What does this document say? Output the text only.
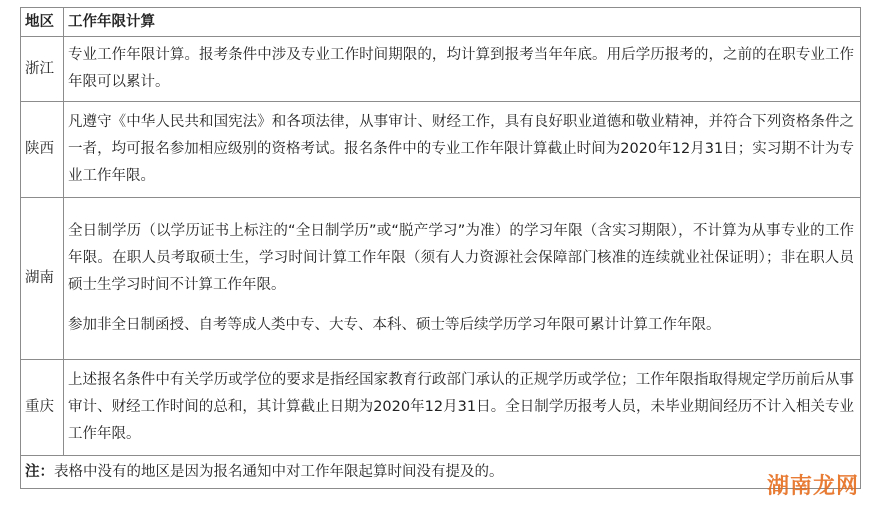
地区	工作年限计算
浙江	专业工作年限计算。报考条件中涉及专业工作时间期限的，均计算到报考当年年底。用后学历报考的，之前的在职专业工作年限可以累计。

陕西	凡遵守《中华人民共和国宪法》和各项法律，从事审计、财经工作，具有良好职业道德和敬业精神，并符合下列资格条件之一者，均可报名参加相应级别的资格考试。报名条件中的专业工作年限计算截止时间为2020年12月31日；实习期不计为专业工作年限。

湖南	全日制学历（以学历证书上标注的“全日制学历”或“脱产学习”为准）的学习年限（含实习期限），不计算为从事专业的工作年限。在职人员考取硕士生，学习时间计算工作年限（须有人力资源社会保障部门核准的连续就业社保证明）；非在职人员硕士生学习时间不计算工作年限。

参加非全日制函授、自考等成人类中专、大专、本科、硕士等后续学历学习年限可累计计算工作年限。

重庆	上述报名条件中有关学历或学位的要求是指经国家教育行政部门承认的正规学历或学位；工作年限指取得规定学历前后从事审计、财经工作时间的总和，其计算截止日期为2020年12月31日。全日制学历报考人员，未毕业期间经历不计入相关专业工作年限。

注：表格中没有的地区是因为报名通知中对工作年限起算时间没有提及的。	
湖南龙网
